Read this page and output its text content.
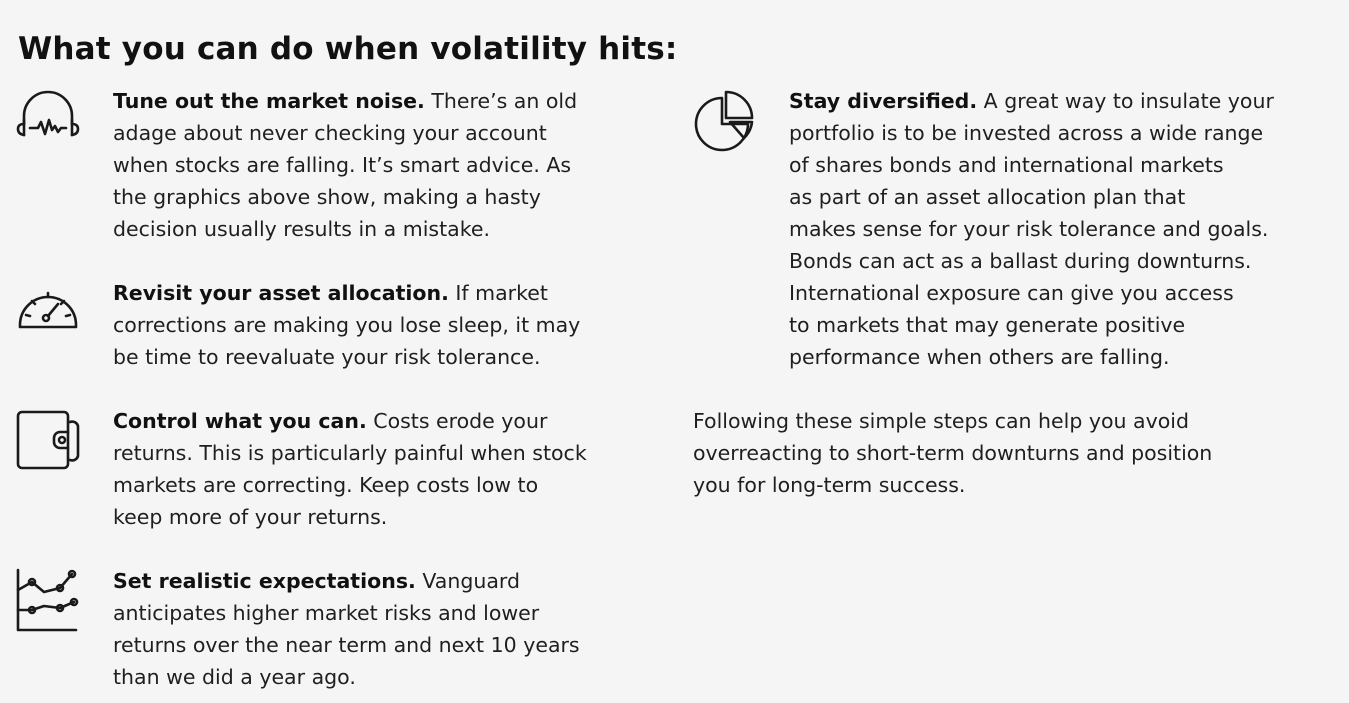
What you can do when volatility hits:

Tune out the market noise. There’s an old
adage about never checking your account
when stocks are falling. It’s smart advice. As
the graphics above show, making a hasty
decision usually results in a mistake.

Revisit your asset allocation. If market
corrections are making you lose sleep, it may
be time to reevaluate your risk tolerance.

Control what you can. Costs erode your
returns. This is particularly painful when stock
markets are correcting. Keep costs low to
keep more of your returns.

Set realistic expectations. Vanguard
anticipates higher market risks and lower
returns over the near term and next 10 years
than we did a year ago.

Stay diversified. A great way to insulate your
portfolio is to be invested across a wide range
of shares bonds and international markets
as part of an asset allocation plan that
makes sense for your risk tolerance and goals.
Bonds can act as a ballast during downturns.
International exposure can give you access
to markets that may generate positive
performance when others are falling.

Following these simple steps can help you avoid
overreacting to short-term downturns and position
you for long-term success.
